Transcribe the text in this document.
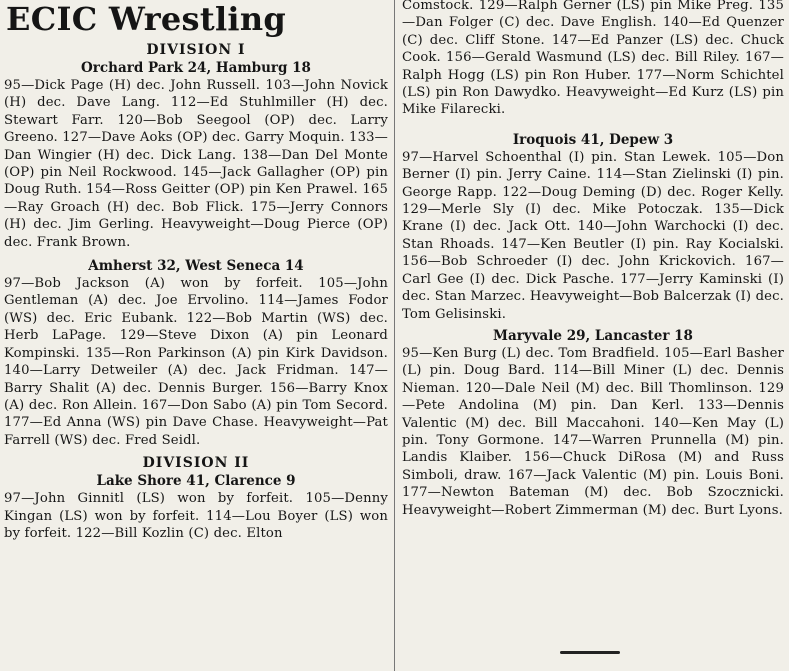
ECIC Wrestling
DIVISION I
Orchard Park 24, Hamburg 18

95—Dick Page (H) dec. John Russell. 103—John Novick (H) dec. Dave Lang. 112—Ed Stuhlmiller (H) dec. Stewart Farr. 120—Bob Seegool (OP) dec. Larry Greeno. 127—Dave Aoks (OP) dec. Garry Moquin. 133—Dan Wingier (H) dec. Dick Lang. 138—Dan Del Monte (OP) pin Neil Rockwood. 145—Jack Gallagher (OP) pin Doug Ruth. 154—Ross Geitter (OP) pin Ken Prawel. 165—Ray Groach (H) dec. Bob Flick. 175—Jerry Connors (H) dec. Jim Gerling. Heavyweight—Doug Pierce (OP) dec. Frank Brown.

Amherst 32, West Seneca 14

97—Bob Jackson (A) won by forfeit. 105—John Gentleman (A) dec. Joe Ervolino. 114—James Fodor (WS) dec. Eric Eubank. 122—Bob Martin (WS) dec. Herb LaPage. 129—Steve Dixon (A) pin Leonard Kompinski. 135—Ron Parkinson (A) pin Kirk Davidson. 140—Larry Detweiler (A) dec. Jack Fridman. 147—Barry Shalit (A) dec. Dennis Burger. 156—Barry Knox (A) dec. Ron Allein. 167—Don Sabo (A) pin Tom Secord. 177—Ed Anna (WS) pin Dave Chase. Heavyweight—Pat Farrell (WS) dec. Fred Seidl.

DIVISION II
Lake Shore 41, Clarence 9

97—John Ginnitl (LS) won by forfeit. 105—Denny Kingan (LS) won by forfeit. 114—Lou Boyer (LS) won by forfeit. 122—Bill Kozlin (C) dec. Elton

Comstock. 129—Ralph Gerner (LS) pin Mike Preg. 135—Dan Folger (C) dec. Dave English. 140—Ed Quenzer (C) dec. Cliff Stone. 147—Ed Panzer (LS) dec. Chuck Cook. 156—Gerald Wasmund (LS) dec. Bill Riley. 167—Ralph Hogg (LS) pin Ron Huber. 177—Norm Schichtel (LS) pin Ron Dawydko. Heavyweight—Ed Kurz (LS) pin Mike Filarecki.

Iroquois 41, Depew 3

97—Harvel Schoenthal (I) pin. Stan Lewek. 105—Don Berner (I) pin. Jerry Caine. 114—Stan Zielinski (I) pin. George Rapp. 122—Doug Deming (D) dec. Roger Kelly. 129—Merle Sly (I) dec. Mike Potoczak. 135—Dick Krane (I) dec. Jack Ott. 140—John Warchocki (I) dec. Stan Rhoads. 147—Ken Beutler (I) pin. Ray Kocialski. 156—Bob Schroeder (I) dec. John Krickovich. 167—Carl Gee (I) dec. Dick Pasche. 177—Jerry Kaminski (I) dec. Stan Marzec. Heavyweight—Bob Balcerzak (I) dec. Tom Gelisinski.

Maryvale 29, Lancaster 18

95—Ken Burg (L) dec. Tom Bradfield. 105—Earl Basher (L) pin. Doug Bard. 114—Bill Miner (L) dec. Dennis Nieman. 120—Dale Neil (M) dec. Bill Thomlinson. 129—Pete Andolina (M) pin. Dan Kerl. 133—Dennis Valentic (M) dec. Bill Maccahoni. 140—Ken May (L) pin. Tony Gormone. 147—Warren Prunnella (M) pin. Landis Klaiber. 156—Chuck DiRosa (M) and Russ Simboli, draw. 167—Jack Valentic (M) pin. Louis Boni. 177—Newton Bateman (M) dec. Bob Szocznicki. Heavyweight—Robert Zimmerman (M) dec. Burt Lyons.
